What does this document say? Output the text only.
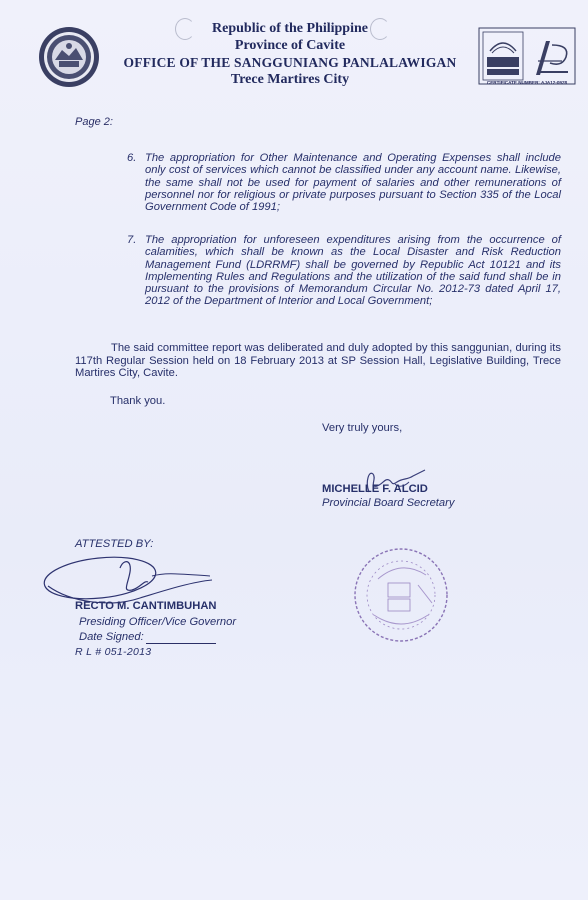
Republic of the Philippine
Province of Cavite
OFFICE OF THE SANGGUNIANG PANLALAWIGAN
Trece Martires City	CERTIFICATE NUMBER: AJA12-0928
Page 2:
6. The appropriation for Other Maintenance and Operating Expenses shall include only cost of services which cannot be classified under any account name. Likewise, the same shall not be used for payment of salaries and other remunerations of personnel nor for religious or private purposes pursuant to Section 335 of the Local Government Code of 1991;
7. The appropriation for unforeseen expenditures arising from the occurrence of calamities, which shall be known as the Local Disaster and Risk Reduction Management Fund (LDRRMF) shall be governed by Republic Act 10121 and its Implementing Rules and Regulations and the utilization of the said fund shall be in pursuant to the provisions of Memorandum Circular No. 2012-73 dated April 17, 2012 of the Department of Interior and Local Government;
The said committee report was deliberated and duly adopted by this sanggunian, during its 117th Regular Session held on 18 February 2013 at SP Session Hall, Legislative Building, Trece Martires City, Cavite.
Thank you.
Very truly yours,
MICHELLE F. ALCID
Provincial Board Secretary
ATTESTED BY:
RECTO M. CANTIMBUHAN
Presiding Officer/Vice Governor
Date Signed:
R L # 051-2013
